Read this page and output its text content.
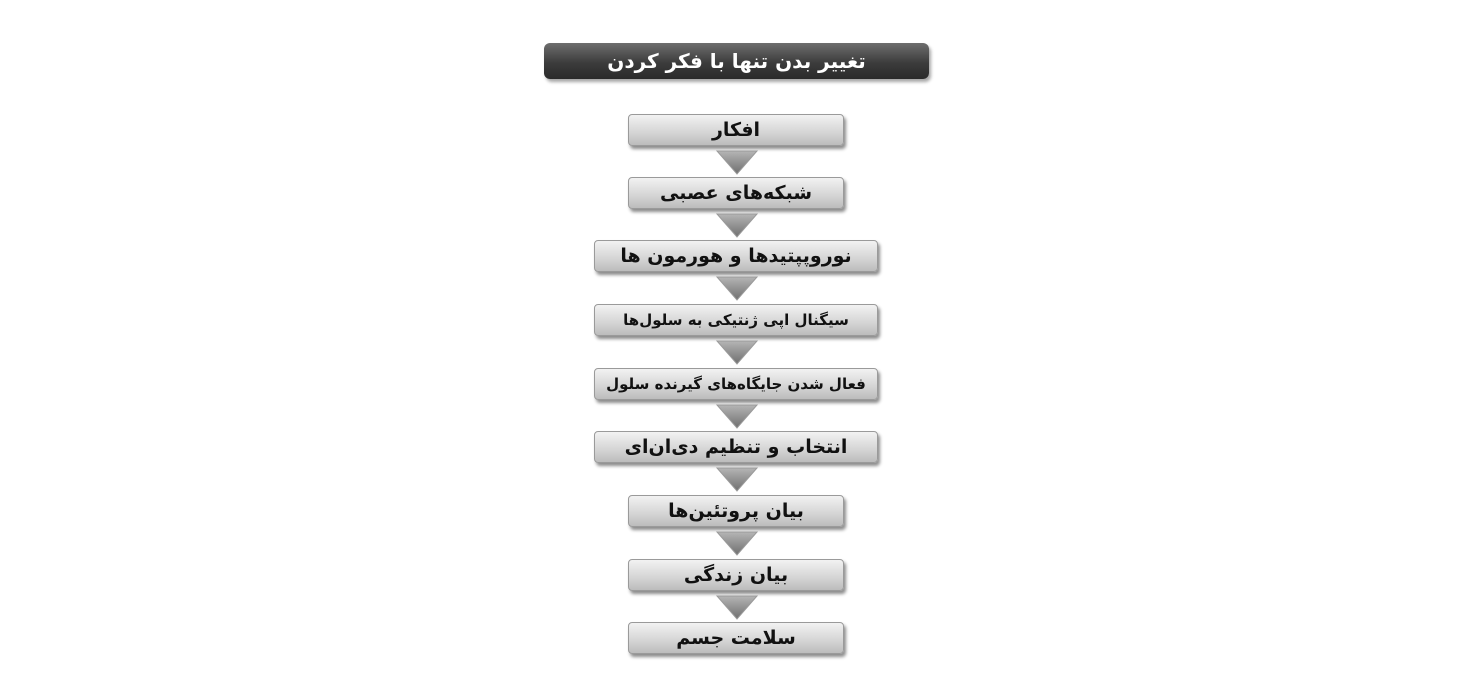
تغییر بدن تنها با فکر کردن
افکار
شبکه‌های عصبی
نوروپپتیدها و هورمون ها
سیگنال اپی ژنتیکی به سلول‌ها
فعال شدن جایگاه‌های گیرنده سلول
انتخاب و تنظیم دی‌ان‌ای
بیان پروتئین‌ها
بیان زندگی
سلامت جسم
